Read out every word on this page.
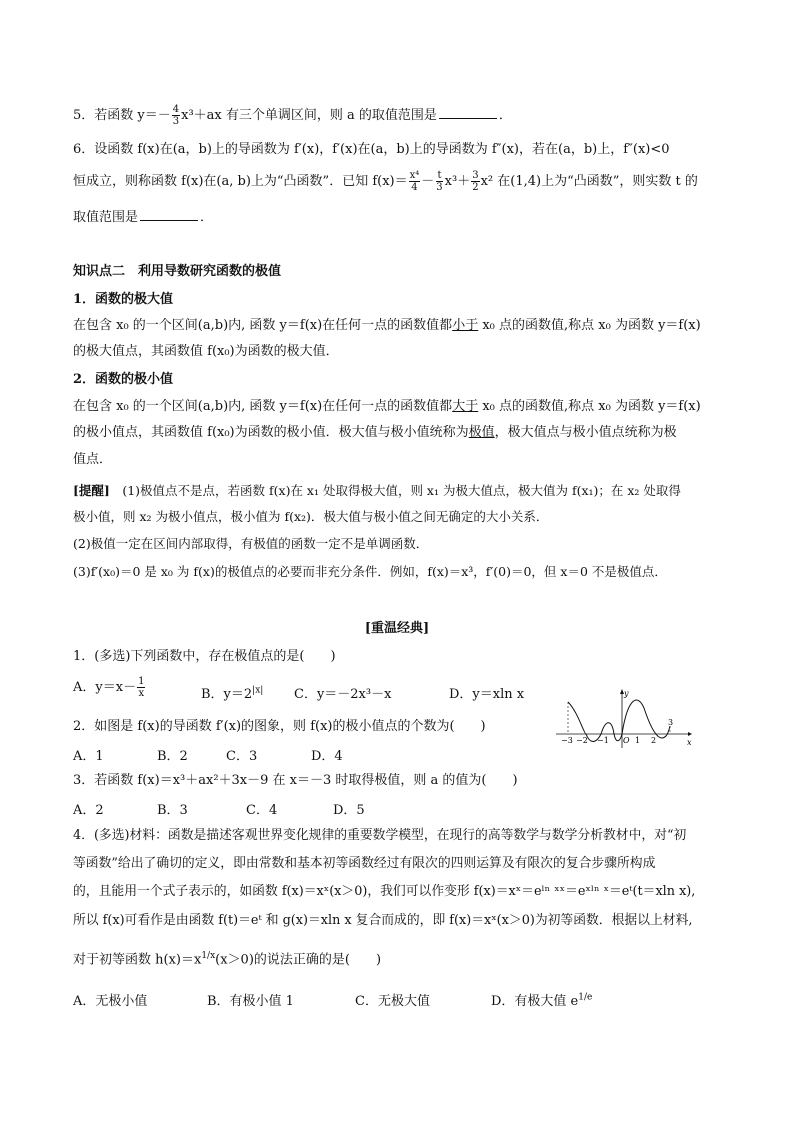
5．若函数 $y=- \frac{4}{3} x^3+ax$ 有三个单调区间，则 a 的取值范围是	．
6．设函数 f(x)在(a，b)上的导函数为 f′(x)，f′(x)在(a，b)上的导函数为 f″(x)，若在(a，b)上，f″(x)<0
恒成立，则称函数 f(x)在(a, b)上为“凸函数”．已知 $f(x)= \frac{\text{x⁴}}{4} - \frac{t}{3} x^3+ \frac{3}{2} x^2$ 在(1,4)上为“凸函数”，则实数 t 的
取值范围是	．
知识点二　利用导数研究函数的极值
1．函数的极大值
在包含 x₀ 的一个区间(a,b)内, 函数 y＝f(x)在任何一点的函数值都小于 x₀ 点的函数值,称点 x₀ 为函数 y＝f(x)
的极大值点，其函数值 f(x₀)为函数的极大值．
2．函数的极小值
在包含 x₀ 的一个区间(a,b)内, 函数 y＝f(x)在任何一点的函数值都大于 x₀ 点的函数值,称点 x₀ 为函数 y＝f(x)
的极小值点，其函数值 f(x₀)为函数的极小值．极大值与极小值统称为极值，极大值点与极小值点统称为极
值点．
[提醒]　(1)极值点不是点，若函数 f(x)在 x₁ 处取得极大值，则 x₁ 为极大值点，极大值为 f(x₁)；在 x₂ 处取得
极小值，则 x₂ 为极小值点，极小值为 f(x₂)．极大值与极小值之间无确定的大小关系．
(2)极值一定在区间内部取得，有极值的函数一定不是单调函数．
(3)f′(x₀)＝0 是 x₀ 为 f(x)的极值点的必要而非充分条件．例如，f(x)＝x³，f′(0)＝0，但 x＝0 不是极值点．
[重温经典]
1．(多选)下列函数中，存在极值点的是(　　)
A．$y=x- \frac{1}{x}$	B．$y=2^{|x|}$ C．y＝－2x³－x	D．y＝xln x
2．如图是 f(x)的导函数 f′(x)的图象，则 f(x)的极小值点的个数为(　　)
A．1	B．2	C．3	D．4
y
x
−3 −2 −1 O 1 2
3
3．若函数 f(x)＝x³＋ax²＋3x－9 在 x＝－3 时取得极值，则 a 的值为(　　)
A．2	B．3	C．4	D．5
4．(多选)材料：函数是描述客观世界变化规律的重要数学模型，在现行的高等数学与数学分析教材中，对“初
等函数”给出了确切的定义，即由常数和基本初等函数经过有限次的四则运算及有限次的复合步骤所构成
的，且能用一个式子表示的，如函数 f(x)＝xˣ(x＞0)，我们可以作变形 f(x)＝xˣ＝eˡⁿ ˣˣ＝eˣˡⁿ ˣ＝eᵗ(t＝xln x),
所以 f(x)可看作是由函数 f(t)＝eᵗ 和 g(x)＝xln x 复合而成的，即 f(x)＝xˣ(x＞0)为初等函数．根据以上材料,
对于初等函数 $h(x)=x^{1/x}(x>0)$的说法正确的是(　　)
A．无极小值	B．有极小值 1	C．无极大值	D．有极大值 $e^{1/e}$
